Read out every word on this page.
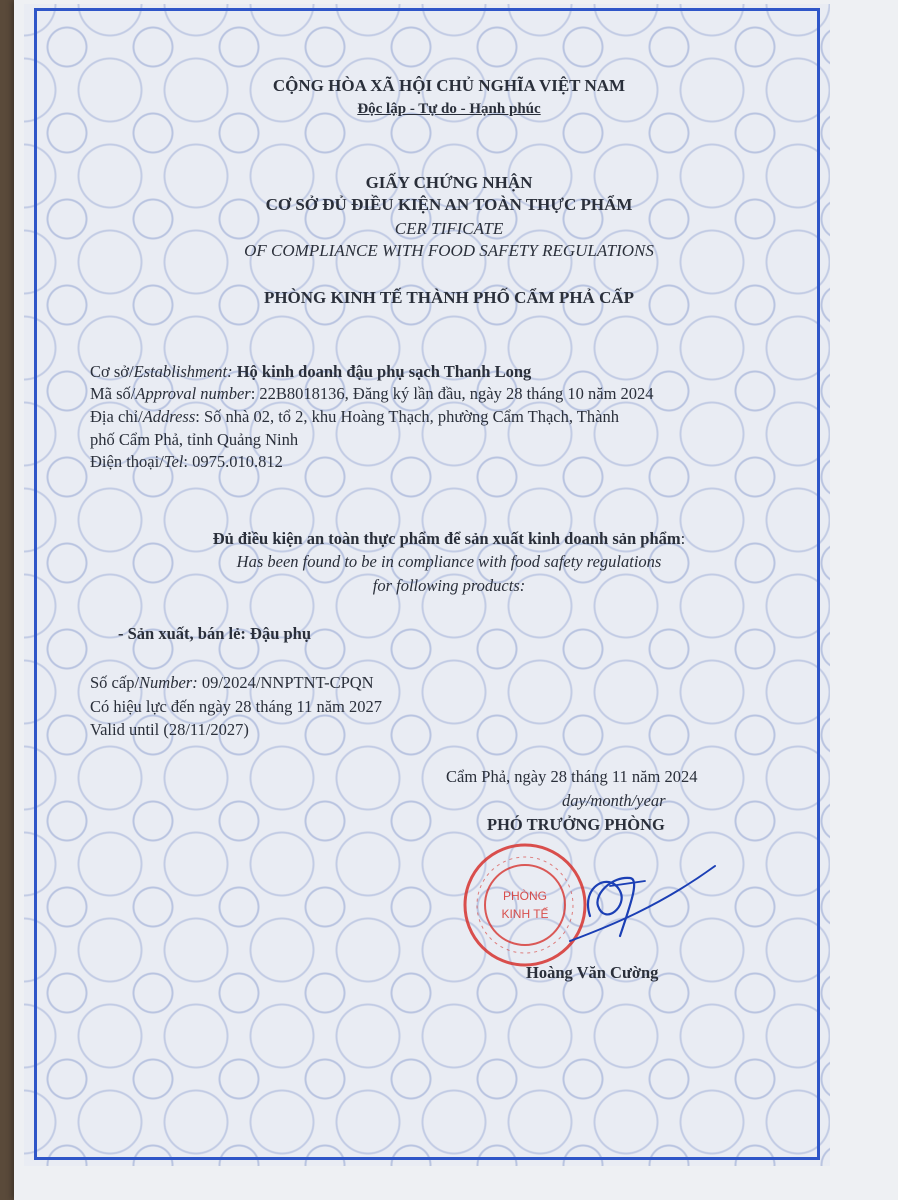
CỘNG HÒA XÃ HỘI CHỦ NGHĨA VIỆT NAM
Độc lập - Tự do - Hạnh phúc
GIẤY CHỨNG NHẬN
CƠ SỞ ĐỦ ĐIỀU KIỆN AN TOÀN THỰC PHẨM
CER TIFICATE
OF COMPLIANCE WITH FOOD SAFETY REGULATIONS
PHÒNG KINH TẾ THÀNH PHỐ CẨM PHẢ CẤP
Cơ sở/Establishment: Hộ kinh doanh đậu phụ sạch Thanh Long
Mã số/Approval number: 22B8018136, Đăng ký lần đầu, ngày 28 tháng 10 năm 2024
Địa chỉ/Address: Số nhà 02, tổ 2, khu Hoàng Thạch, phường Cẩm Thạch, Thành
phố Cẩm Phả, tỉnh Quảng Ninh
Điện thoại/Tel: 0975.010.812
Đủ điều kiện an toàn thực phẩm để sản xuất kinh doanh sản phẩm:
Has been found to be in compliance with food safety regulations
for following products:
- Sản xuất, bán lẻ: Đậu phụ
Số cấp/Number: 09/2024/NNPTNT-CPQN
Có hiệu lực đến ngày 28 tháng 11 năm 2027
Valid until (28/11/2027)
Cẩm Phả, ngày 28 tháng 11 năm 2024
day/month/year
PHÓ TRƯỞNG PHÒNG
PHÒNG
KINH TẾ
Hoàng Văn Cường
